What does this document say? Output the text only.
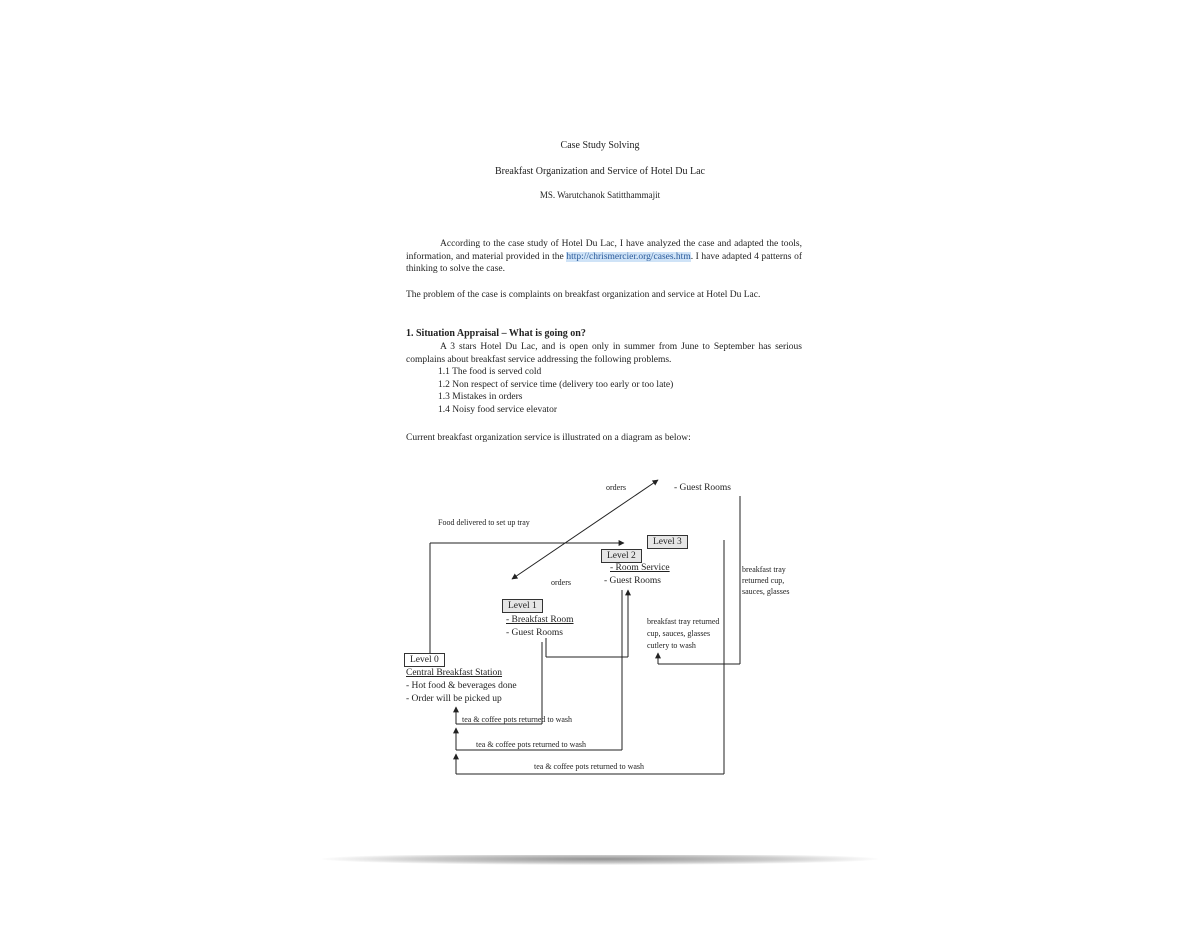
Case Study Solving
Breakfast Organization and Service of Hotel Du Lac
MS. Warutchanok Satitthammajit
According to the case study of Hotel Du Lac, I have analyzed the case and adapted the tools, information, and material provided in the http://chrismercier.org/cases.htm. I have adapted 4 patterns of thinking to solve the case.
The problem of the case is complaints on breakfast organization and service at Hotel Du Lac.
1. Situation Appraisal – What is going on?
A 3 stars Hotel Du Lac, and is open only in summer from June to September has serious complains about breakfast service addressing the following problems.
1.1 The food is served cold
1.2 Non respect of service time (delivery too early or too late)
1.3 Mistakes in orders
1.4 Noisy food service elevator
Current breakfast organization service is illustrated on a diagram as below:
orders	- Guest Rooms
Food delivered to set up tray
Level 3
Level 2
- Room Service
- Guest Rooms
orders
breakfast tray
returned cup,
sauces, glasses
Level 1
- Breakfast Room
- Guest Rooms
breakfast tray returned
cup, sauces, glasses
cutlery to wash
Level 0
Central Breakfast Station
- Hot food & beverages done
- Order will be picked up
tea & coffee pots returned to wash
tea & coffee pots returned to wash
tea & coffee pots returned to wash
